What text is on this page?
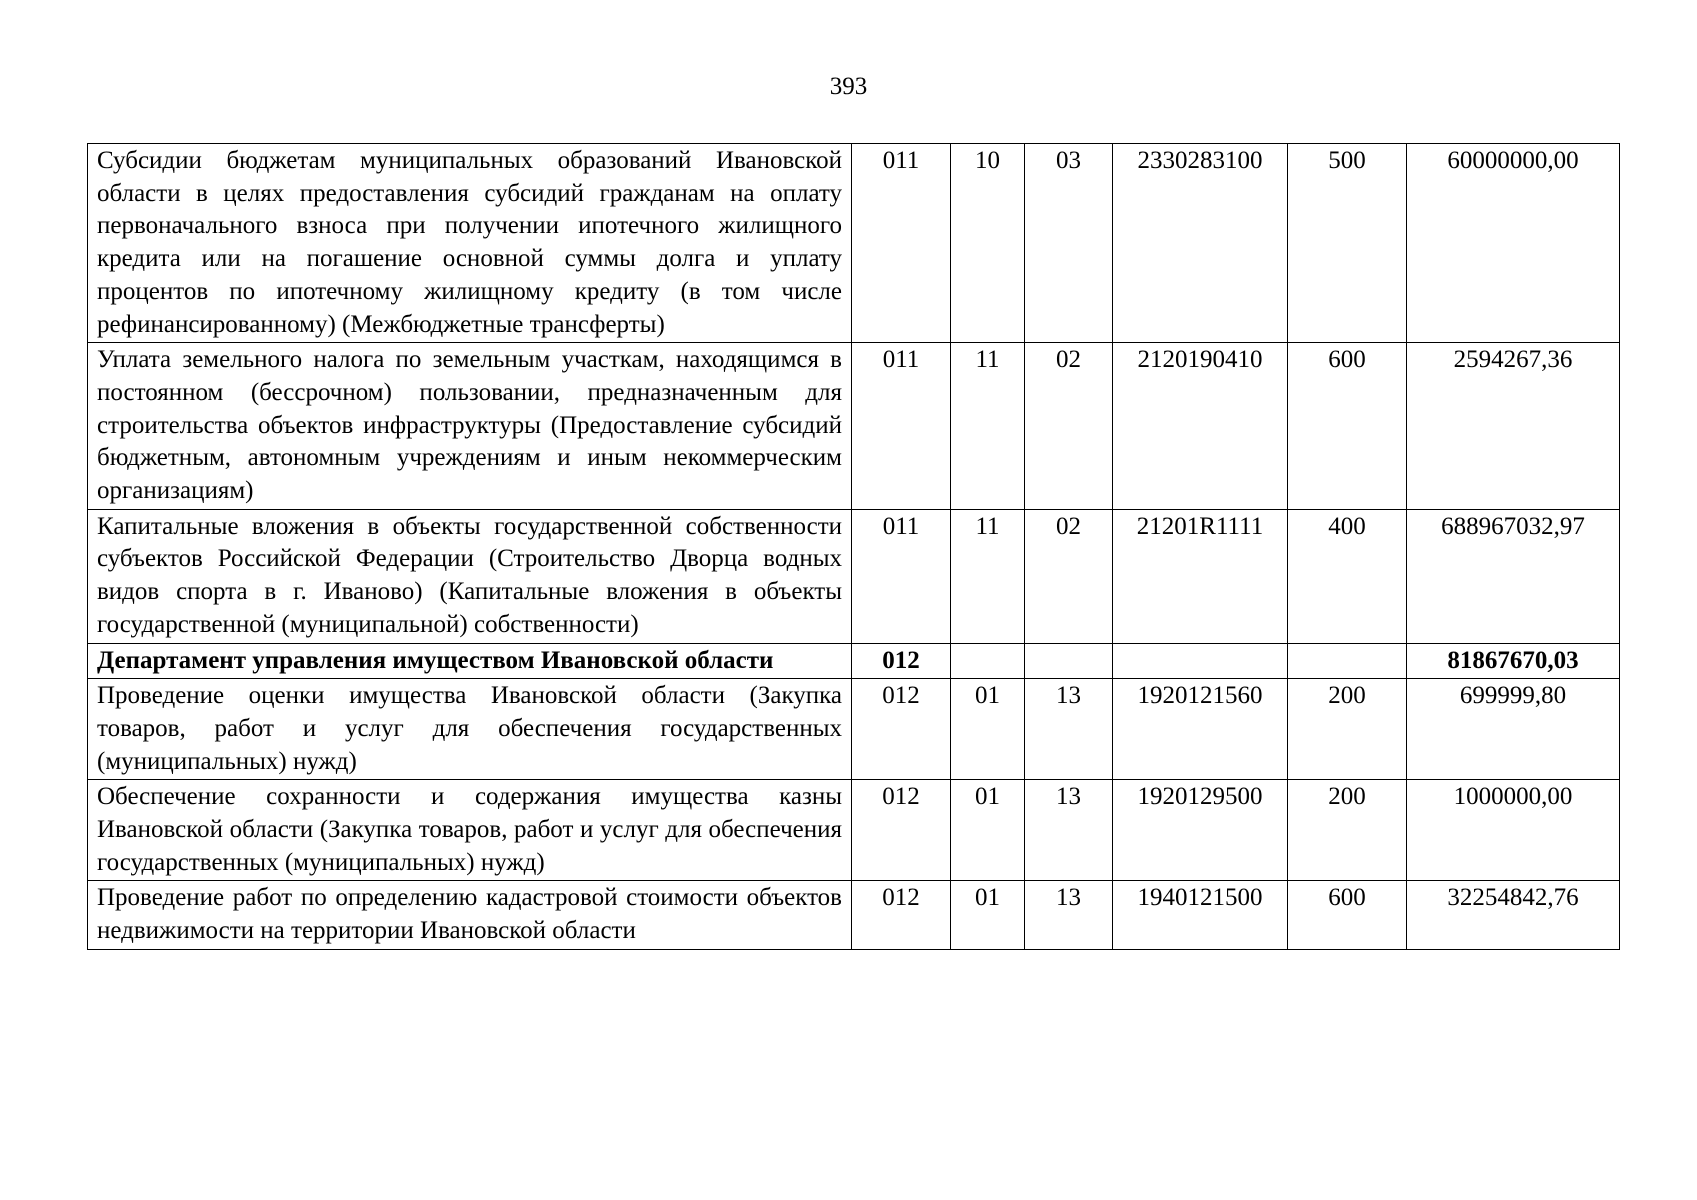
393
Субсидии бюджетам муниципальных образований Ивановской области в целях предоставления субсидий гражданам на оплату первоначального взноса при получении ипотечного жилищного кредита или на погашение основной суммы долга и уплату процентов по ипотечному жилищному кредиту (в том числе рефинансированному) (Межбюджетные трансферты)	011	10	03	2330283100	500	60000000,00
Уплата земельного налога по земельным участкам, находящимся в постоянном (бессрочном) пользовании, предназначенным для строительства объектов инфраструктуры (Предоставление субсидий бюджетным, автономным учреждениям и иным некоммерческим организациям)	011	11	02	2120190410	600	2594267,36
Капитальные вложения в объекты государственной собственности субъектов Российской Федерации (Строительство Дворца водных видов спорта в г. Иваново) (Капитальные вложения в объекты государственной (муниципальной) собственности)	011	11	02	21201R1111	400	688967032,97
Департамент управления имуществом Ивановской области	012					81867670,03
Проведение оценки имущества Ивановской области (Закупка товаров, работ и услуг для обеспечения государственных (муниципальных) нужд)	012	01	13	1920121560	200	699999,80
Обеспечение сохранности и содержания имущества казны Ивановской области (Закупка товаров, работ и услуг для обеспечения государственных (муниципальных) нужд)	012	01	13	1920129500	200	1000000,00
Проведение работ по определению кадастровой стоимости объектов недвижимости на территории Ивановской области	012	01	13	1940121500	600	32254842,76
